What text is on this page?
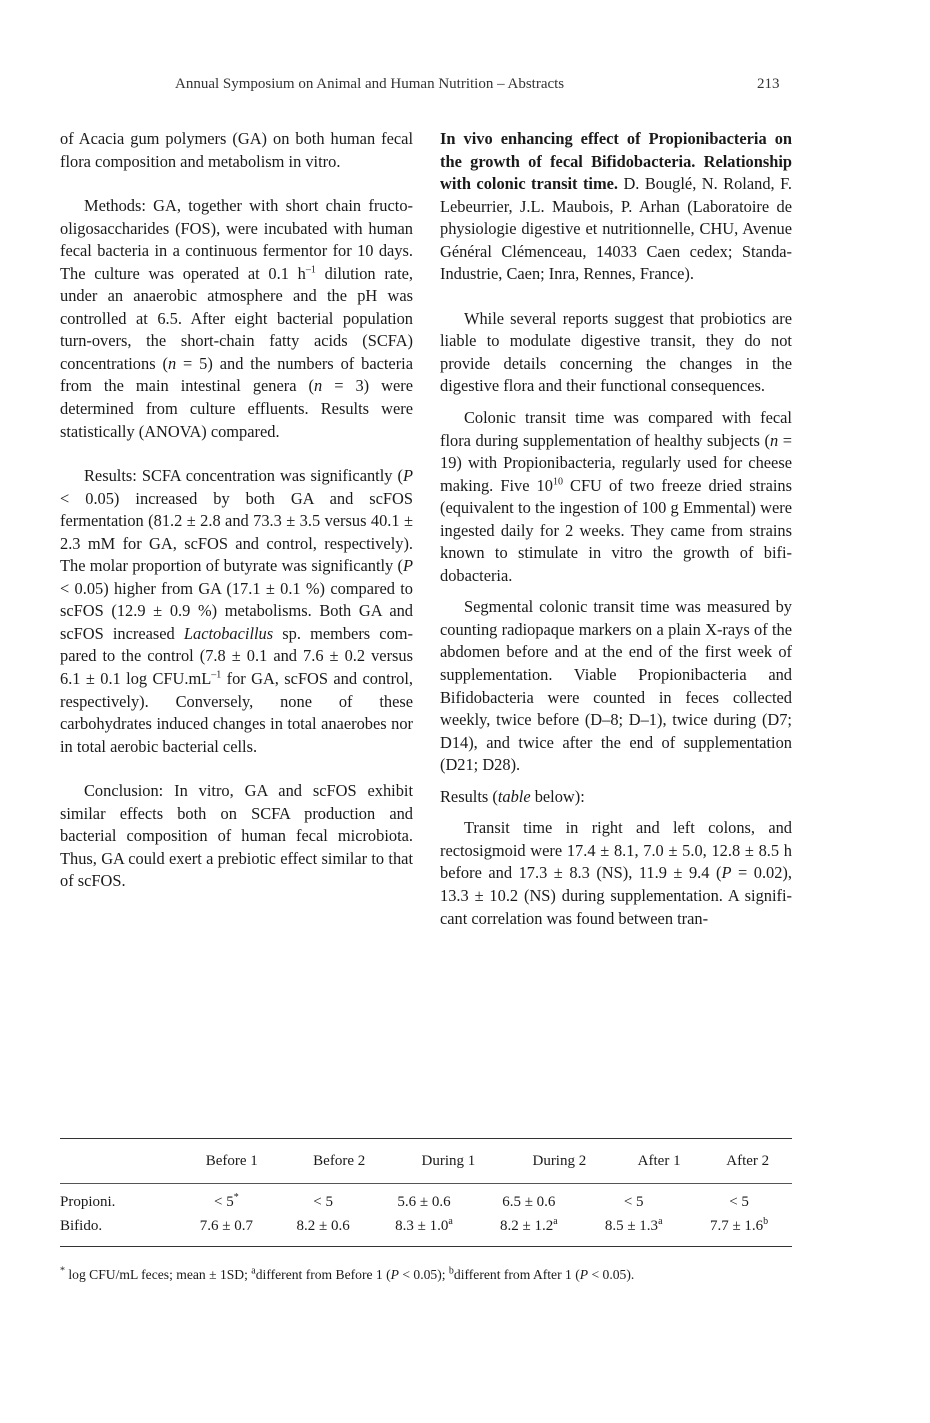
Annual Symposium on Animal and Human Nutrition – Abstracts	213

of Acacia gum polymers (GA) on both human fecal flora composition and metabolism in vitro.

Methods: GA, together with short chain fructo-oligosaccharides (FOS), were incubated with human fecal bacteria in a continuous fermentor for 10 days. The culture was operated at 0.1 $h^{-1}$ dilution rate, under an anaerobic atmosphere and the pH was controlled at 6.5. After eight bacterial population turn-overs, the short-chain fatty acids (SCFA) concentrations (n = 5) and the numbers of bacteria from the main intestinal genera (n = 3) were determined from culture effluents. Results were statistically (ANOVA) compared.

Results: SCFA concentration was significantly (P < 0.05) increased by both GA and scFOS fermentation (81.2 ± 2.8 and 73.3 ± 3.5 versus 40.1 ± 2.3 mM for GA, scFOS and control, respectively). The molar proportion of butyrate was significantly (P < 0.05) higher from GA (17.1 ± 0.1 %) compared to scFOS (12.9 ± 0.9 %) metabolisms. Both GA and scFOS increased Lactobacillus sp. members compared to the control (7.8 ± 0.1 and 7.6 ± 0.2 versus 6.1 ± 0.1 $\log CFU.mL^{-1}$ for GA, scFOS and control, respectively). Conversely, none of these carbohydrates induced changes in total anaerobes nor in total aerobic bacterial cells.

Conclusion: In vitro, GA and scFOS exhibit similar effects both on SCFA production and bacterial composition of human fecal microbiota. Thus, GA could exert a prebiotic effect similar to that of scFOS.

In vivo enhancing effect of Propionibacteria on the growth of fecal Bifidobacteria. Relationship with colonic transit time. D. Bouglé, N. Roland, F. Lebeurrier, J.L. Maubois, P. Arhan (Laboratoire de physiologie digestive et nutritionnelle, CHU, Avenue Général Clémenceau, 14033 Caen cedex; Standa-Industrie, Caen; Inra, Rennes, France).

While several reports suggest that probiotics are liable to modulate digestive transit, they do not provide details concerning the changes in the digestive flora and their functional consequences.

Colonic transit time was compared with fecal flora during supplementation of healthy subjects (n = 19) with Propionibacteria, regularly used for cheese making. Five $10^{10}$ CFU of two freeze dried strains (equivalent to the ingestion of 100 g Emmental) were ingested daily for 2 weeks. They came from strains known to stimulate in vitro the growth of bifidobacteria.

Segmental colonic transit time was measured by counting radiopaque markers on a plain X-rays of the abdomen before and at the end of the first week of supplementation. Viable Propionibacteria and Bifidobacteria were counted in feces collected weekly, twice before (D–8; D–1), twice during (D7; D14), and twice after the end of supplementation (D21; D28).

Results (table below):

Transit time in right and left colons, and rectosigmoid were 17.4 ± 8.1, 7.0 ± 5.0, 12.8 ± 8.5 h before and 17.3 ± 8.3 (NS), 11.9 ± 9.4 (P = 0.02), 13.3 ± 10.2 (NS) during supplementation. A significant correlation was found between tran-

	Before 1	Before 2	During 1	During 2	After 1	After 2

Propioni.	< 5*	< 5	5.6 ± 0.6	6.5 ± 0.6	< 5	< 5
Bifido.	7.6 ± 0.7	8.2 ± 0.6	8.3 ± 1.0$^a$	8.2 ± 1.2$^a$	8.5 ± 1.3$^a$	7.7 ± 1.6$^b$

* log CFU/mL feces; mean ± 1SD; $^a$different from Before 1 (P < 0.05); $^b$different from After 1 (P < 0.05).
